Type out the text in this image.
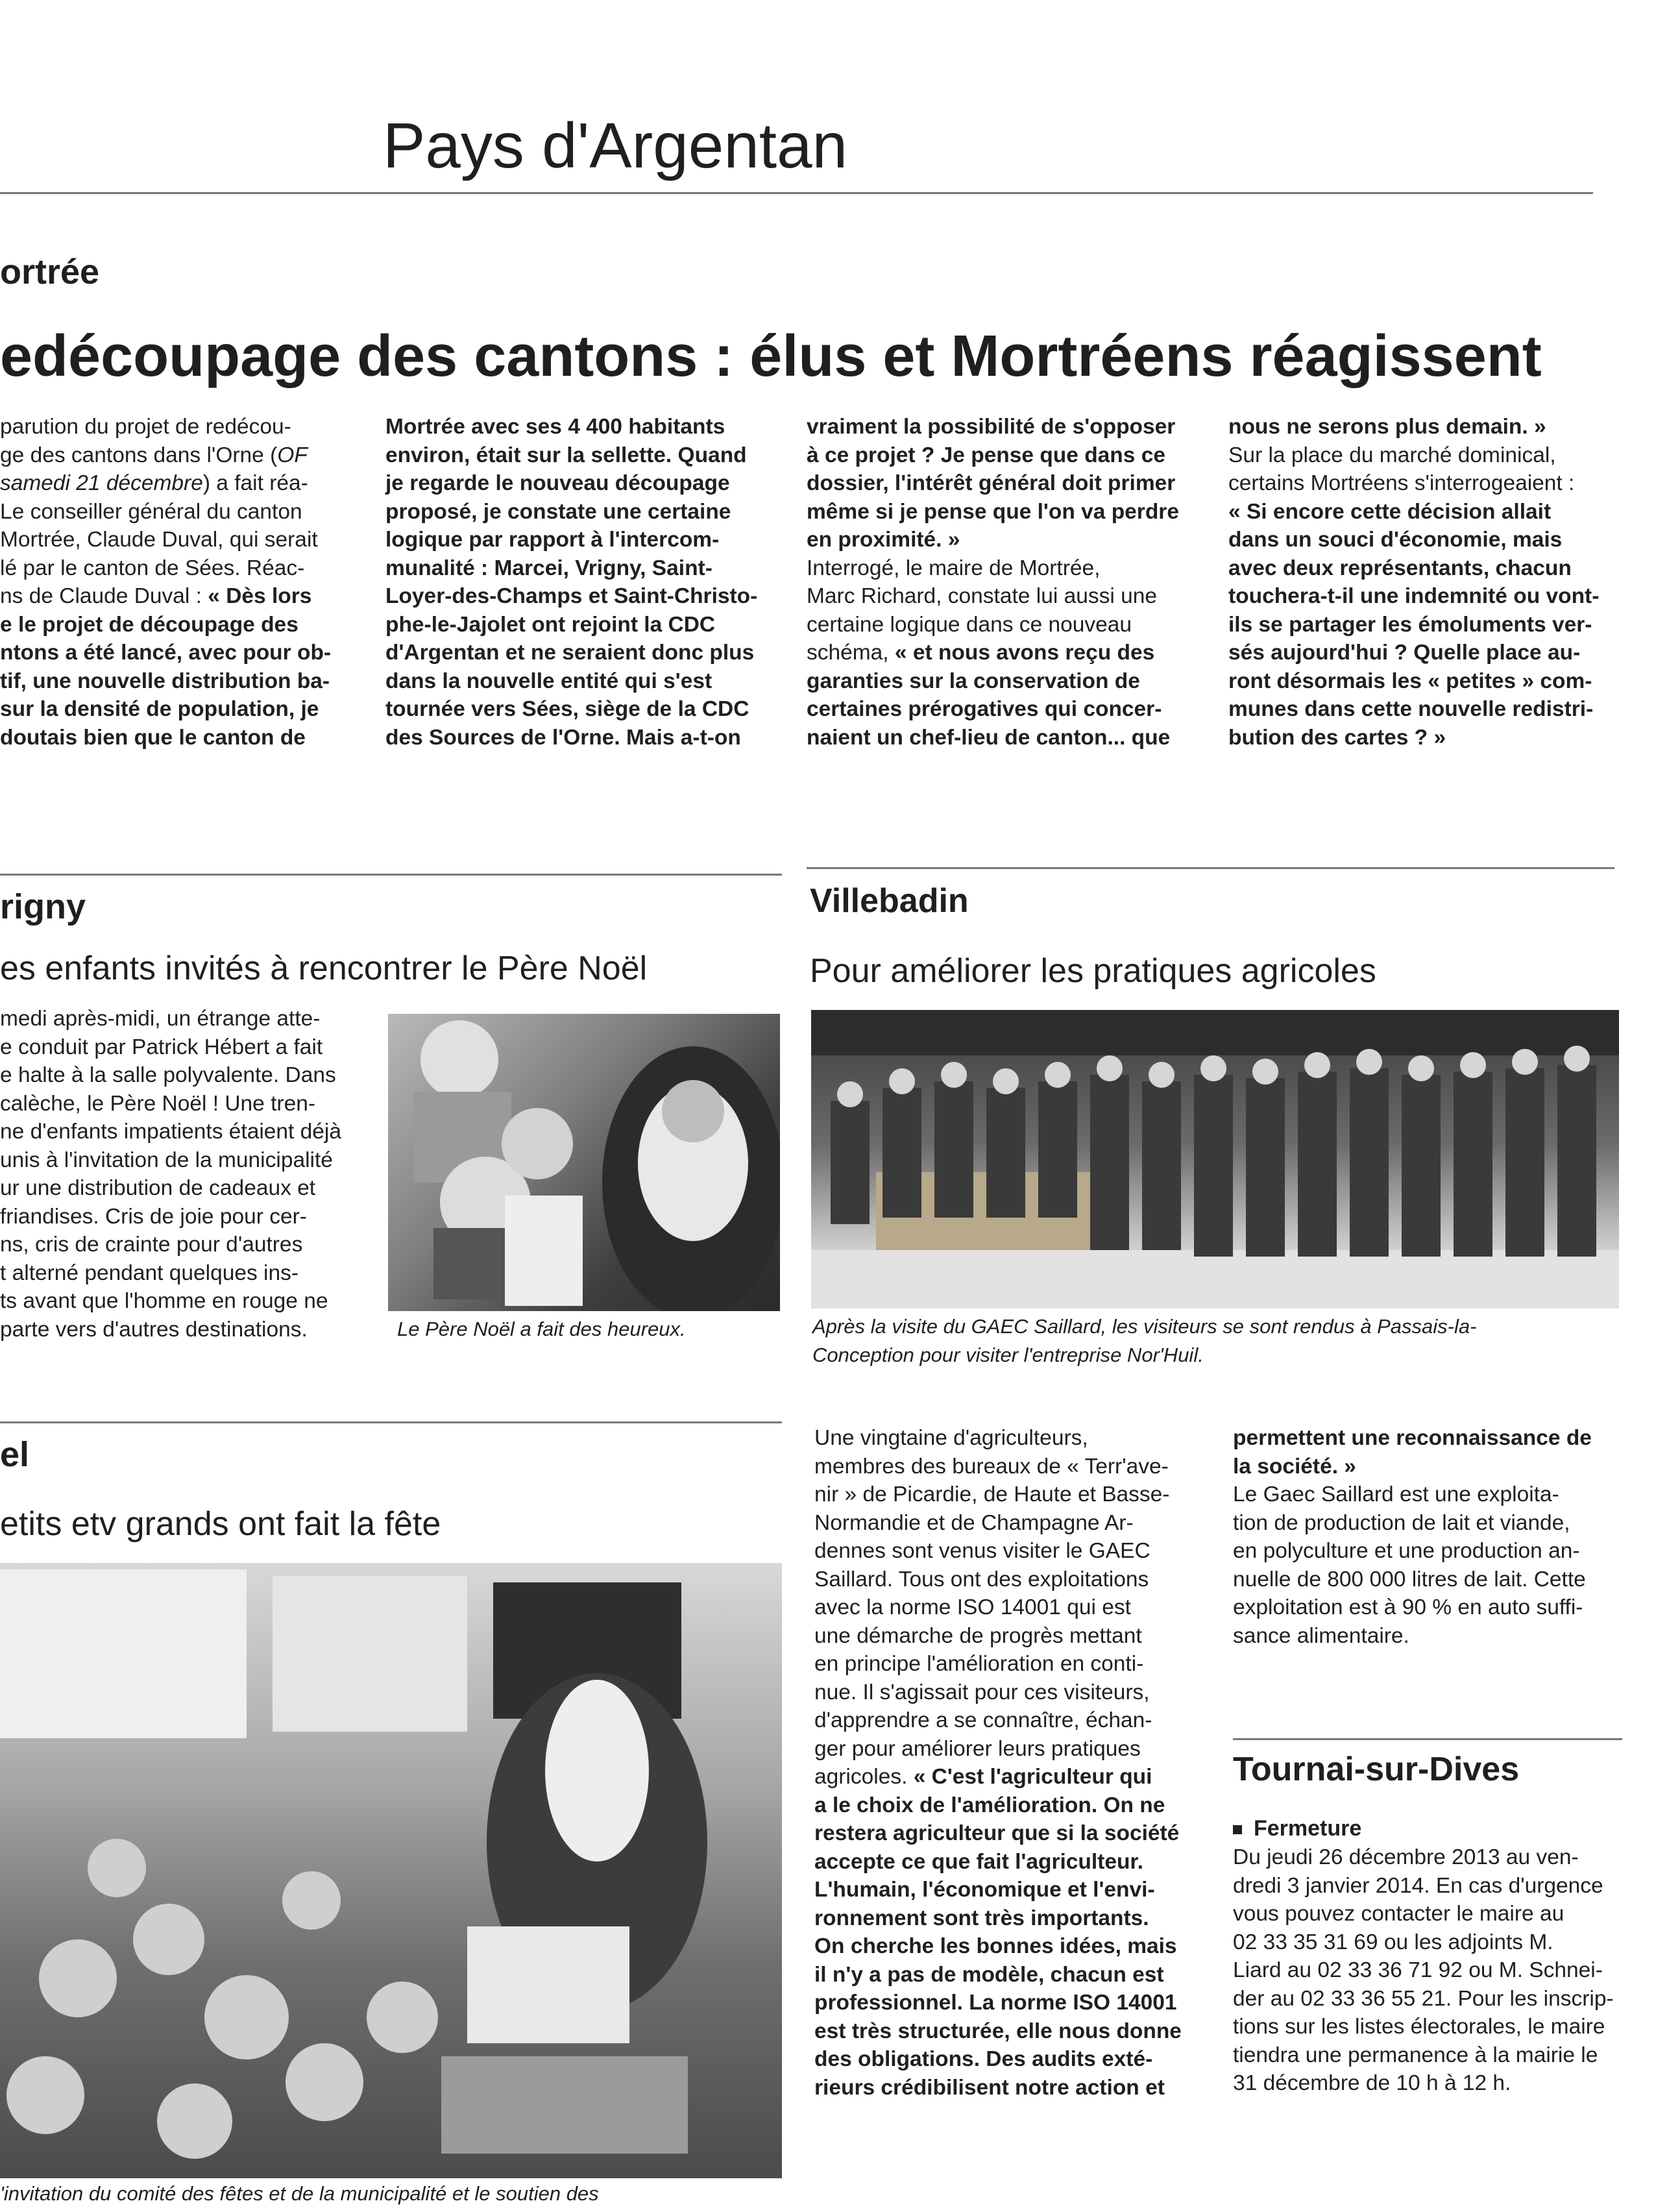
Pays d'Argentan
ortrée
edécoupage des cantons : élus et Mortréens réagissent
parution du projet de redécou-
ge des cantons dans l'Orne (OF
samedi 21 décembre) a fait réa-
Le conseiller général du canton
Mortrée, Claude Duval, qui serait
lé par le canton de Sées. Réac-
ns de Claude Duval : « Dès lors
e le projet de découpage des
ntons a été lancé, avec pour ob-
tif, une nouvelle distribution ba-
sur la densité de population, je
doutais bien que le canton de
Mortrée avec ses 4 400 habitants
environ, était sur la sellette. Quand
je regarde le nouveau découpage
proposé, je constate une certaine
logique par rapport à l'intercom-
munalité : Marcei, Vrigny, Saint-
Loyer-des-Champs et Saint-Christo-
phe-le-Jajolet ont rejoint la CDC
d'Argentan et ne seraient donc plus
dans la nouvelle entité qui s'est
tournée vers Sées, siège de la CDC
des Sources de l'Orne. Mais a-t-on
vraiment la possibilité de s'opposer
à ce projet ? Je pense que dans ce
dossier, l'intérêt général doit primer
même si je pense que l'on va perdre
en proximité. »
Interrogé, le maire de Mortrée,
Marc Richard, constate lui aussi une
certaine logique dans ce nouveau
schéma, « et nous avons reçu des
garanties sur la conservation de
certaines prérogatives qui concer-
naient un chef-lieu de canton... que
nous ne serons plus demain. »
Sur la place du marché dominical,
certains Mortréens s'interrogeaient :
« Si encore cette décision allait
dans un souci d'économie, mais
avec deux représentants, chacun
touchera-t-il une indemnité ou vont-
ils se partager les émoluments ver-
sés aujourd'hui ? Quelle place au-
ront désormais les « petites » com-
munes dans cette nouvelle redistri-
bution des cartes ? »
rigny
es enfants invités à rencontrer le Père Noël
medi après-midi, un étrange atte-
e conduit par Patrick Hébert a fait
e halte à la salle polyvalente. Dans
calèche, le Père Noël ! Une tren-
ne d'enfants impatients étaient déjà
unis à l'invitation de la municipalité
ur une distribution de cadeaux et
friandises. Cris de joie pour cer-
ns, cris de crainte pour d'autres
t alterné pendant quelques ins-
ts avant que l'homme en rouge ne
parte vers d'autres destinations.	Le Père Noël a fait des heureux.
Villebadin
Pour améliorer les pratiques agricoles
Après la visite du GAEC Saillard, les visiteurs se sont rendus à Passais-la-
Conception pour visiter l'entreprise Nor'Huil.
Une vingtaine d'agriculteurs,
membres des bureaux de « Terr'ave-
nir » de Picardie, de Haute et Basse-
Normandie et de Champagne Ar-
dennes sont venus visiter le GAEC
Saillard. Tous ont des exploitations
avec la norme ISO 14001 qui est
une démarche de progrès mettant
en principe l'amélioration en conti-
nue. Il s'agissait pour ces visiteurs,
d'apprendre a se connaître, échan-
ger pour améliorer leurs pratiques
agricoles. « C'est l'agriculteur qui
a le choix de l'amélioration. On ne
restera agriculteur que si la société
accepte ce que fait l'agriculteur.
L'humain, l'économique et l'envi-
ronnement sont très importants.
On cherche les bonnes idées, mais
il n'y a pas de modèle, chacun est
professionnel. La norme ISO 14001
est très structurée, elle nous donne
des obligations. Des audits exté-
rieurs crédibilisent notre action et
permettent une reconnaissance de
la société. »
Le Gaec Saillard est une exploita-
tion de production de lait et viande,
en polyculture et une production an-
nuelle de 800 000 litres de lait. Cette
exploitation est à 90 % en auto suffi-
sance alimentaire.
el
etits etv grands ont fait la fête
'invitation du comité des fêtes et de la municipalité et le soutien des
Tournai-sur-Dives
Fermeture
Du jeudi 26 décembre 2013 au ven-
dredi 3 janvier 2014. En cas d'urgence
vous pouvez contacter le maire au
02 33 35 31 69 ou les adjoints M.
Liard au 02 33 36 71 92 ou M. Schnei-
der au 02 33 36 55 21. Pour les inscrip-
tions sur les listes électorales, le maire
tiendra une permanence à la mairie le
31 décembre de 10 h à 12 h.
